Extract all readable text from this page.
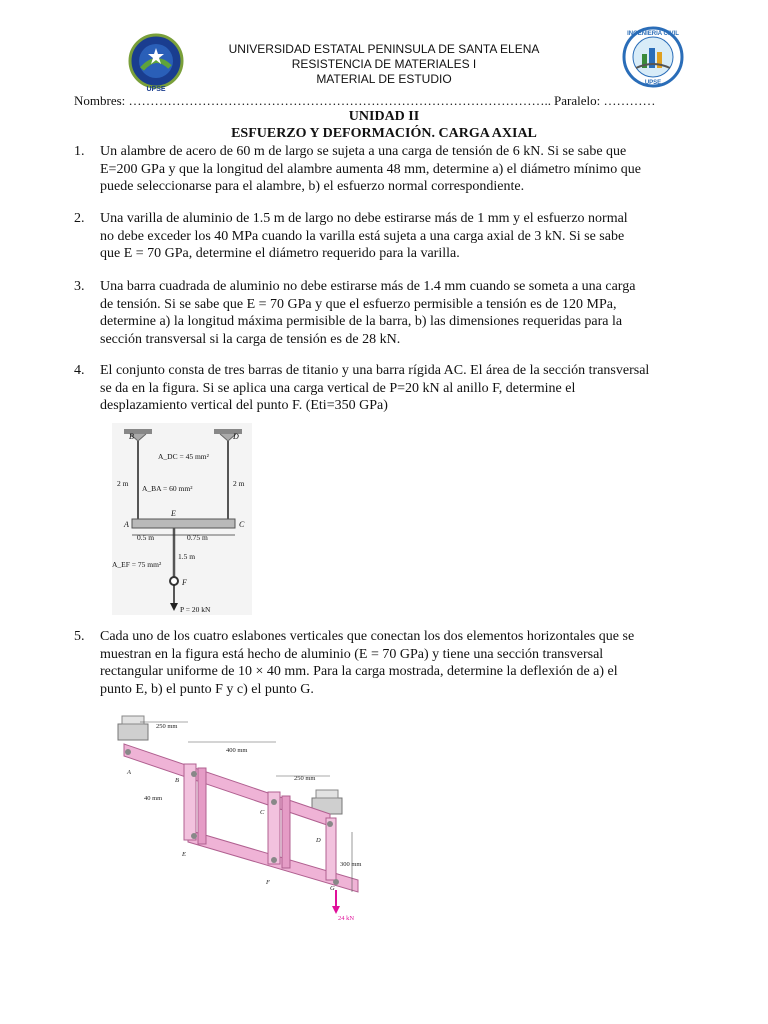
UPSE
INGENIERIA CIVIL
UPSE
UNIVERSIDAD ESTATAL PENINSULA DE SANTA ELENA
RESISTENCIA DE MATERIALES I
MATERIAL DE ESTUDIO
Nombres: …………………………………………………………………………………….. Paralelo: …………
UNIDAD II
ESFUERZO Y DEFORMACIÓN. CARGA AXIAL
1. Un alambre de acero de 60 m de largo se sujeta a una carga de tensión de 6 kN. Si se sabe que
E=200 GPa y que la longitud del alambre aumenta 48 mm, determine a) el diámetro mínimo que
puede seleccionarse para el alambre, b) el esfuerzo normal correspondiente.
2. Una varilla de aluminio de 1.5 m de largo no debe estirarse más de 1 mm y el esfuerzo normal
no debe exceder los 40 MPa cuando la varilla está sujeta a una carga axial de 3 kN. Si se sabe
que E = 70 GPa, determine el diámetro requerido para la varilla.
3. Una barra cuadrada de aluminio no debe estirarse más de 1.4 mm cuando se someta a una carga
de tensión. Si se sabe que E = 70 GPa y que el esfuerzo permisible a tensión es de 120 MPa,
determine a) la longitud máxima permisible de la barra, b) las dimensiones requeridas para la
sección transversal si la carga de tensión es de 28 kN.
4. El conjunto consta de tres barras de titanio y una barra rígida AC. El área de la sección transversal
se da en la figura. Si se aplica una carga vertical de P=20 kN al anillo F, determine el
desplazamiento vertical del punto F. (Eti=350 GPa)
B	D
A	C
E
F
A_DC = 45 mm²
A_BA = 60 mm²
A_EF = 75 mm²
2 m	2 m
0.5 m	0.75 m
1.5 m
P = 20 kN
5. Cada uno de los cuatro eslabones verticales que conectan los dos elementos horizontales que se
muestran en la figura está hecho de aluminio (E = 70 GPa) y tiene una sección transversal
rectangular uniforme de 10 × 40 mm. Para la carga mostrada, determine la deflexión de a) el
punto E, b) el punto F y c) el punto G.
250 mm
400 mm
250 mm
40 mm
300 mm
24 kN
A
B
C
D
E
F
G
